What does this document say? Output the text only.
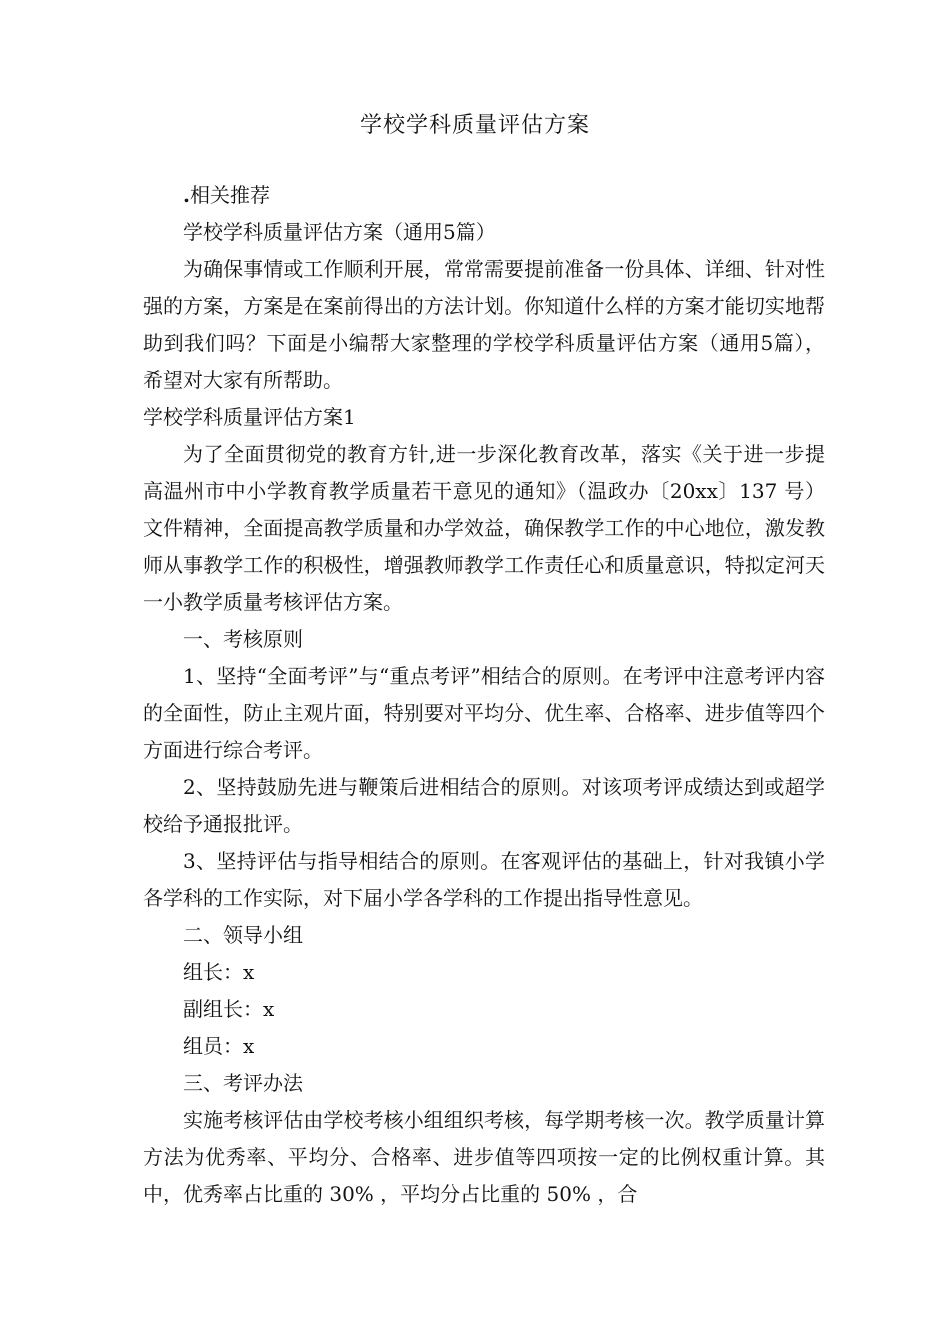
学校学科质量评估方案

.相关推荐

学校学科质量评估方案（通用5篇）

为确保事情或工作顺利开展，常常需要提前准备一份具体、详细、针对性强的方案，方案是在案前得出的方法计划。你知道什么样的方案才能切实地帮助到我们吗？下面是小编帮大家整理的学校学科质量评估方案（通用5篇），希望对大家有所帮助。

学校学科质量评估方案1

为了全面贯彻党的教育方针,进一步深化教育改革，落实《关于进一步提高温州市中小学教育教学质量若干意见的通知》（温政办〔20xx〕137 号）文件精神，全面提高教学质量和办学效益，确保教学工作的中心地位，激发教师从事教学工作的积极性，增强教师教学工作责任心和质量意识，特拟定河天一小教学质量考核评估方案。

一、考核原则

1、坚持“全面考评”与“重点考评”相结合的原则。在考评中注意考评内容的全面性，防止主观片面，特别要对平均分、优生率、合格率、进步值等四个方面进行综合考评。

2、坚持鼓励先进与鞭策后进相结合的原则。对该项考评成绩达到或超学校给予通报批评。

3、坚持评估与指导相结合的原则。在客观评估的基础上，针对我镇小学各学科的工作实际，对下届小学各学科的工作提出指导性意见。

二、领导小组

组长：x

副组长：x

组员：x

三、考评办法

实施考核评估由学校考核小组组织考核，每学期考核一次。教学质量计算方法为优秀率、平均分、合格率、进步值等四项按一定的比例权重计算。其中，优秀率占比重的 30% ，平均分占比重的 50% ，合
